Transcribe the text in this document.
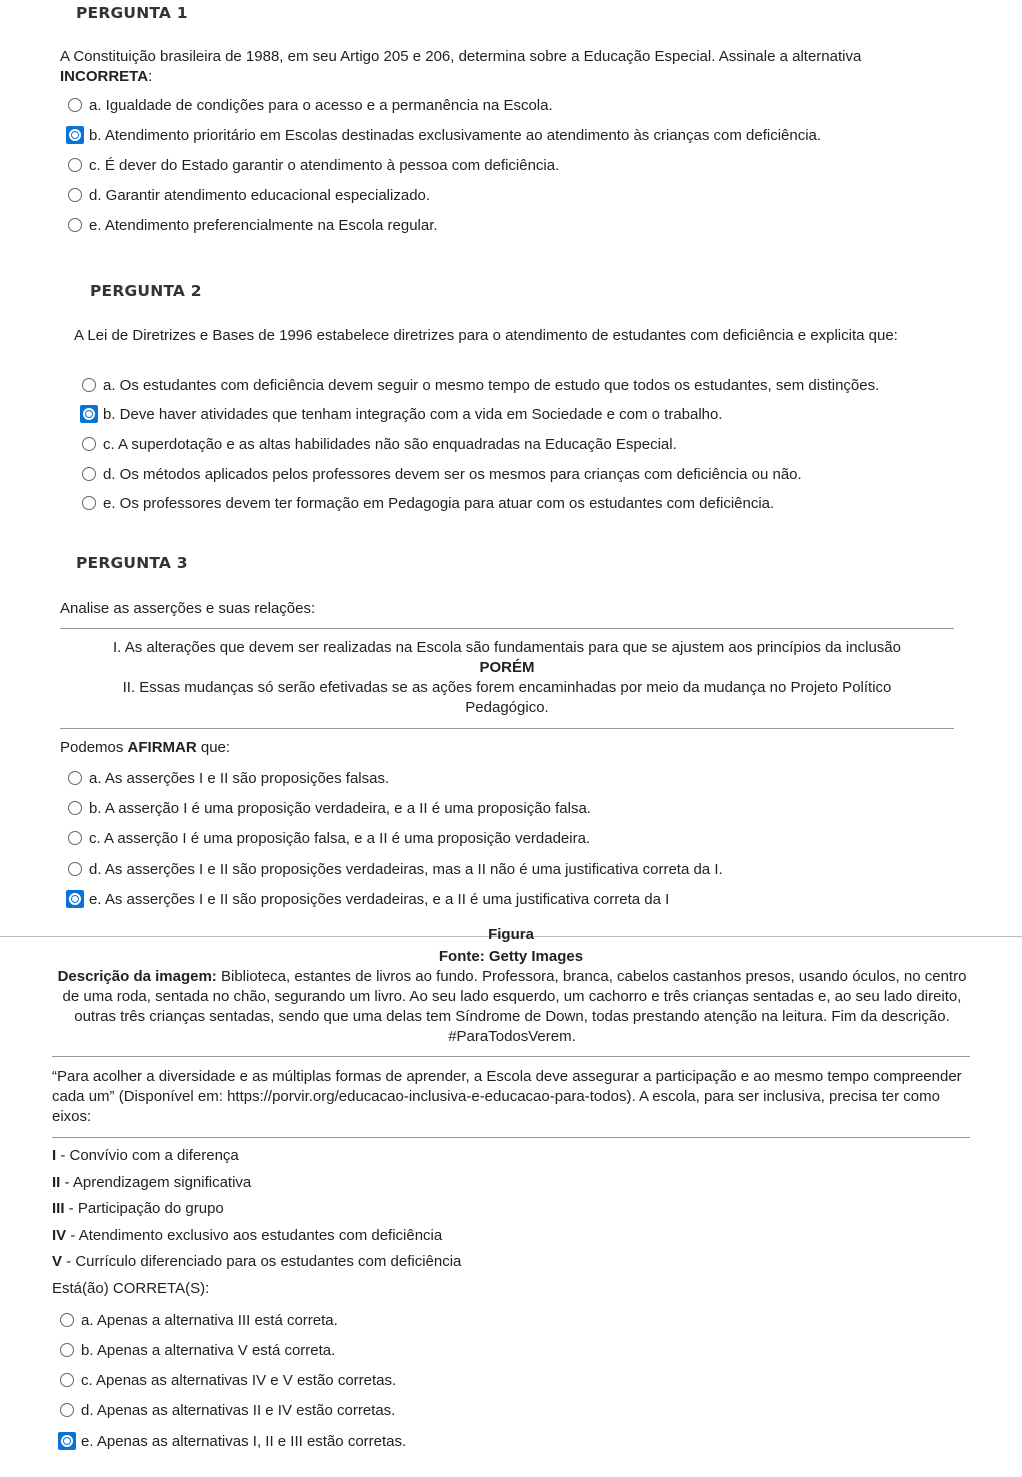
PERGUNTA 1
A Constituição brasileira de 1988, em seu Artigo 205 e 206, determina sobre a Educação Especial. Assinale a alternativa
INCORRETA:
a. Igualdade de condições para o acesso e a permanência na Escola.
b. Atendimento prioritário em Escolas destinadas exclusivamente ao atendimento às crianças com deficiência.
c. É dever do Estado garantir o atendimento à pessoa com deficiência.
d. Garantir atendimento educacional especializado.
e. Atendimento preferencialmente na Escola regular.
PERGUNTA 2
A Lei de Diretrizes e Bases de 1996 estabelece diretrizes para o atendimento de estudantes com deficiência e explicita que:
a. Os estudantes com deficiência devem seguir o mesmo tempo de estudo que todos os estudantes, sem distinções.
b. Deve haver atividades que tenham integração com a vida em Sociedade e com o trabalho.
c. A superdotação e as altas habilidades não são enquadradas na Educação Especial.
d. Os métodos aplicados pelos professores devem ser os mesmos para crianças com deficiência ou não.
e. Os professores devem ter formação em Pedagogia para atuar com os estudantes com deficiência.
PERGUNTA 3
Analise as asserções e suas relações:
I. As alterações que devem ser realizadas na Escola são fundamentais para que se ajustem aos princípios da inclusão
PORÉM
II. Essas mudanças só serão efetivadas se as ações forem encaminhadas por meio da mudança no Projeto Político Pedagógico.
Podemos AFIRMAR que:
a. As asserções I e II são proposições falsas.
b. A asserção I é uma proposição verdadeira, e a II é uma proposição falsa.
c. A asserção I é uma proposição falsa, e a II é uma proposição verdadeira.
d. As asserções I e II são proposições verdadeiras, mas a II não é uma justificativa correta da I.
e. As asserções I e II são proposições verdadeiras, e a II é uma justificativa correta da I
Figura
Fonte: Getty Images
Descrição da imagem: Biblioteca, estantes de livros ao fundo. Professora, branca, cabelos castanhos presos, usando óculos, no centro de uma roda, sentada no chão, segurando um livro. Ao seu lado esquerdo, um cachorro e três crianças sentadas e, ao seu lado direito, outras três crianças sentadas, sendo que uma delas tem Síndrome de Down, todas prestando atenção na leitura. Fim da descrição. #ParaTodosVerem.
“Para acolher a diversidade e as múltiplas formas de aprender, a Escola deve assegurar a participação e ao mesmo tempo compreender cada um” (Disponível em: https://porvir.org/educacao-inclusiva-e-educacao-para-todos). A escola, para ser inclusiva, precisa ter como eixos:
I - Convívio com a diferença
II - Aprendizagem significativa
III - Participação do grupo
IV - Atendimento exclusivo aos estudantes com deficiência
V - Currículo diferenciado para os estudantes com deficiência
Está(ão) CORRETA(S):
a. Apenas a alternativa III está correta.
b. Apenas a alternativa V está correta.
c. Apenas as alternativas IV e V estão corretas.
d. Apenas as alternativas II e IV estão corretas.
e. Apenas as alternativas I, II e III estão corretas.
